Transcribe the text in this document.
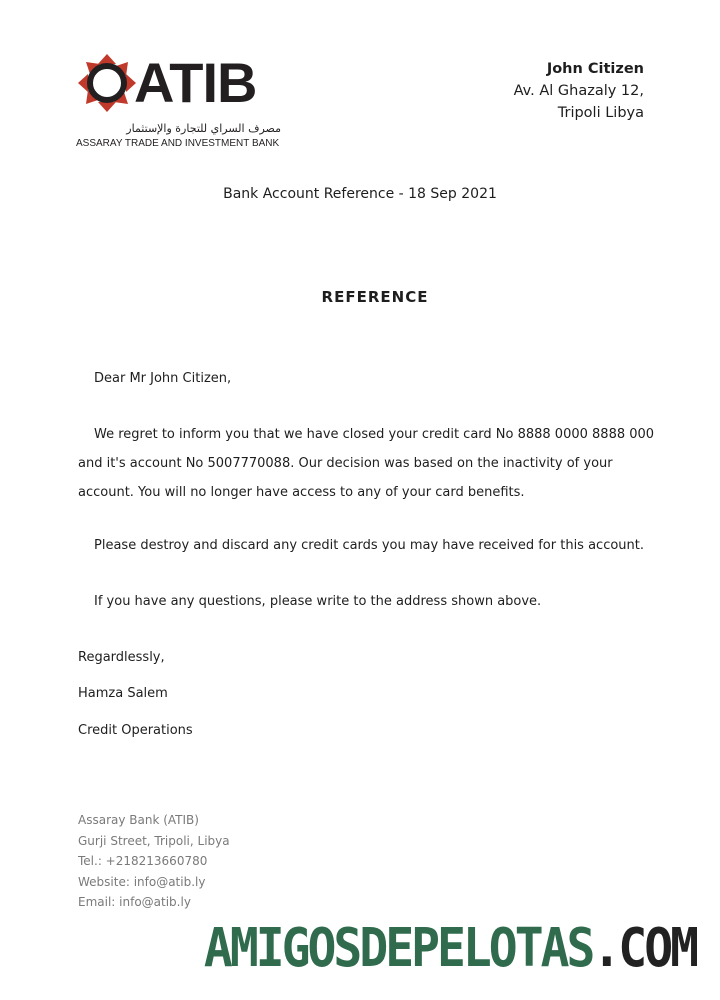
ATIB
مصرف السراي للتجارة والإستثمار
ASSARAY TRADE AND INVESTMENT BANK
John Citizen
Av. Al Ghazaly 12,
Tripoli Libya
Bank Account Reference - 18 Sep 2021
REFERENCE
Dear Mr John Citizen,
We regret to inform you that we have closed your credit card No 8888 0000 8888 000 and it's account No 5007770088. Our decision was based on the inactivity of your account. You will no longer have access to any of your card benefits.
Please destroy and discard any credit cards you may have received for this account.
If you have any questions, please write to the address shown above.
Regardlessly,
Hamza Salem
Credit Operations
Assaray Bank (ATIB)
Gurji Street, Tripoli, Libya
Tel.: +218213660780
Website: info@atib.ly
Email: info@atib.ly
AMIGOSDEPELOTAS.COM
